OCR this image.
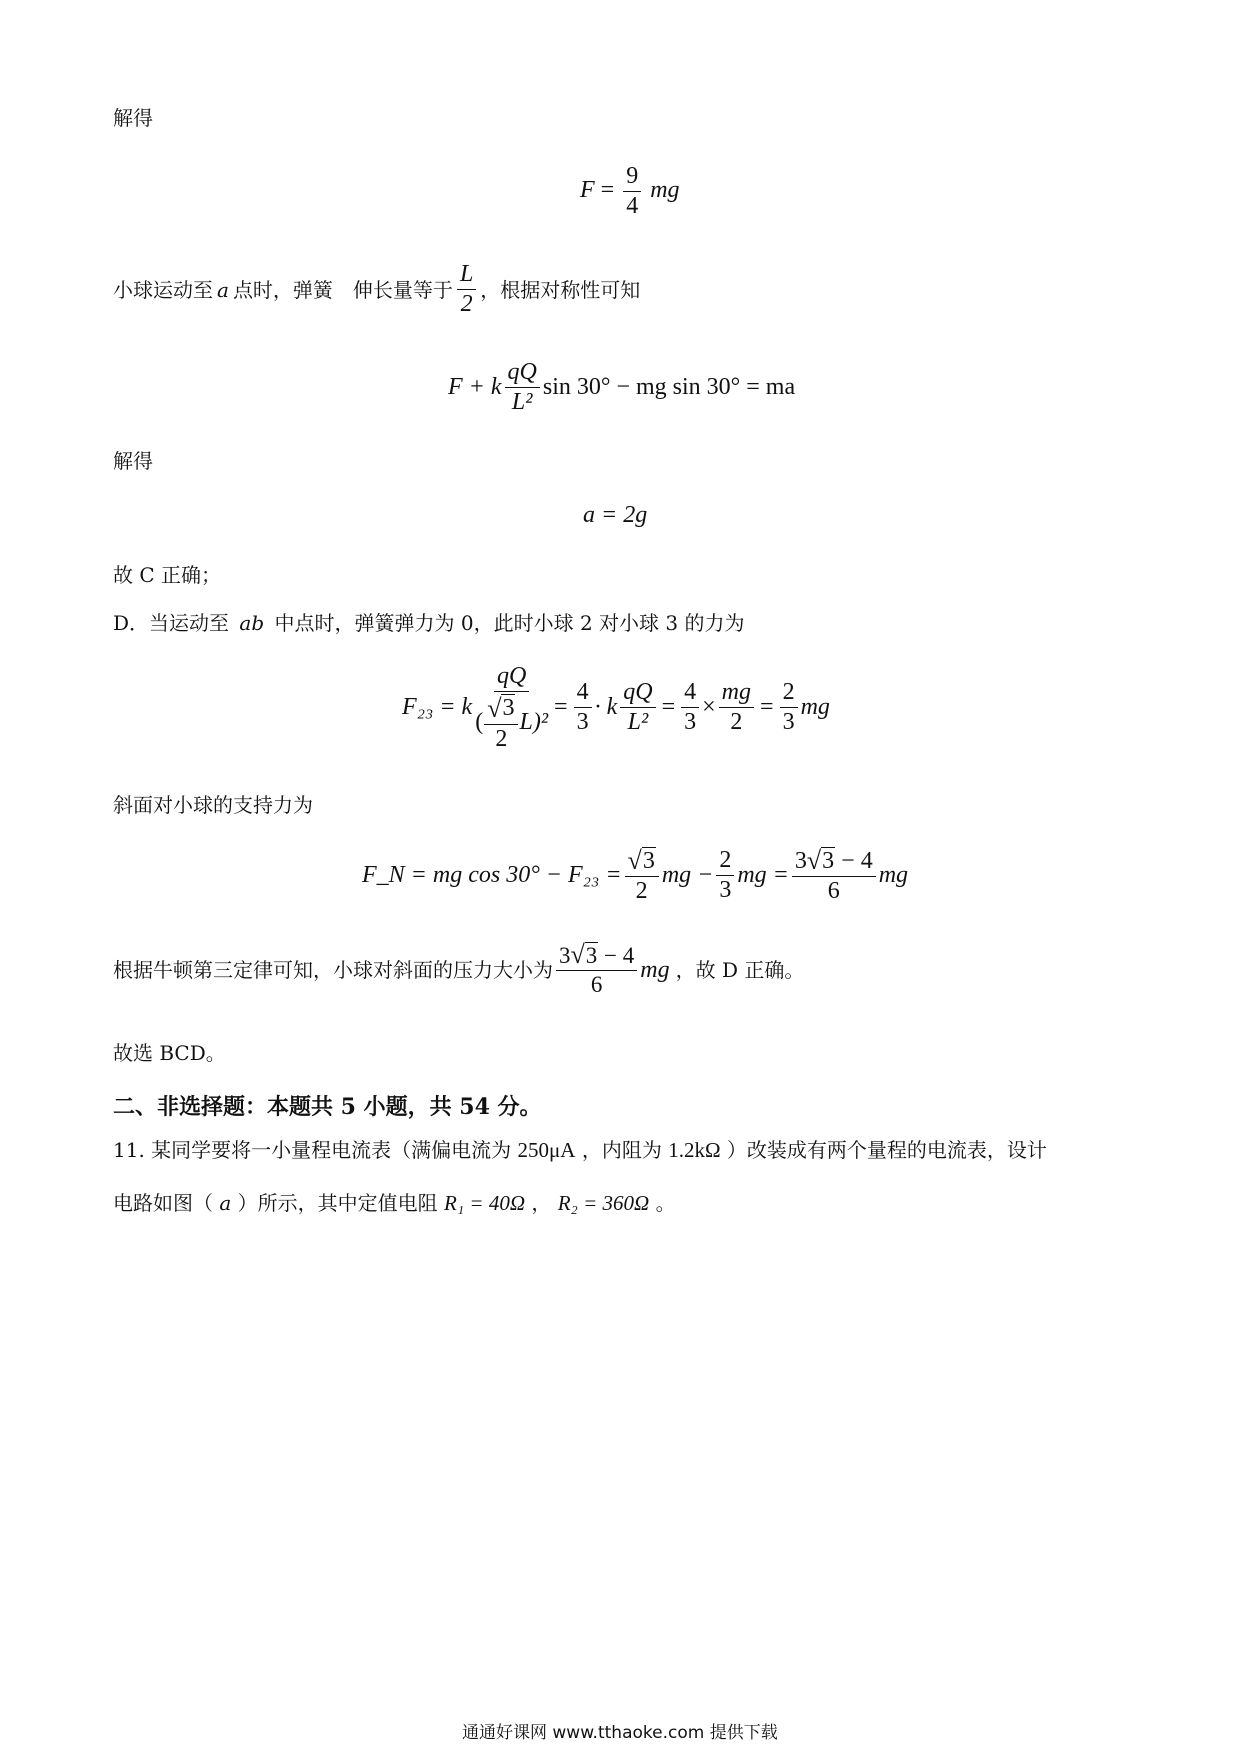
解得
$F = \frac{9}{4}$ mg
小球运动至 a 点时，弹簧　伸长量等于 $\frac{L}{2}$ ，根据对称性可知
F + k $\frac{qQ}{\text{L²}}$ sin 30° − mg sin 30° = ma
解得
a = 2g
故 C 正确；
D．当运动至 ab 中点时，弹簧弹力为 0，此时小球 2 对小球 3 的力为
F₂₃ = k
qQ
( $\frac{√ 3}{2} L)^2$
= $\frac{4}{3} \cdot k \frac{qQ}{\text{L²}} = \frac{4}{3} \times \frac{mg}{2} = \frac{2}{3}$ mg
斜面对小球的支持力为
F_N = mg $\cos 30^\circ - F_{23} = \frac{√ 3}{2}$ mg − $\frac{2}{3}$ mg = $\frac{3 √ 3 - 4}{6}$ mg
根据牛顿第三定律可知，小球对斜面的压力大小为 $\frac{3 √ 3 - 4}{6}$ mg ，故 D 正确。
故选 BCD。
二、非选择题：本题共 5 小题，共 54 分。
11. 某同学要将一小量程电流表（满偏电流为 250μA ，内阻为 1.2kΩ ）改装成有两个量程的电流表，设计
电路如图（ a ）所示，其中定值电阻 R₁ = 40Ω ， R₂ = 360Ω 。
通通好课网 www.tthaoke.com 提供下载
